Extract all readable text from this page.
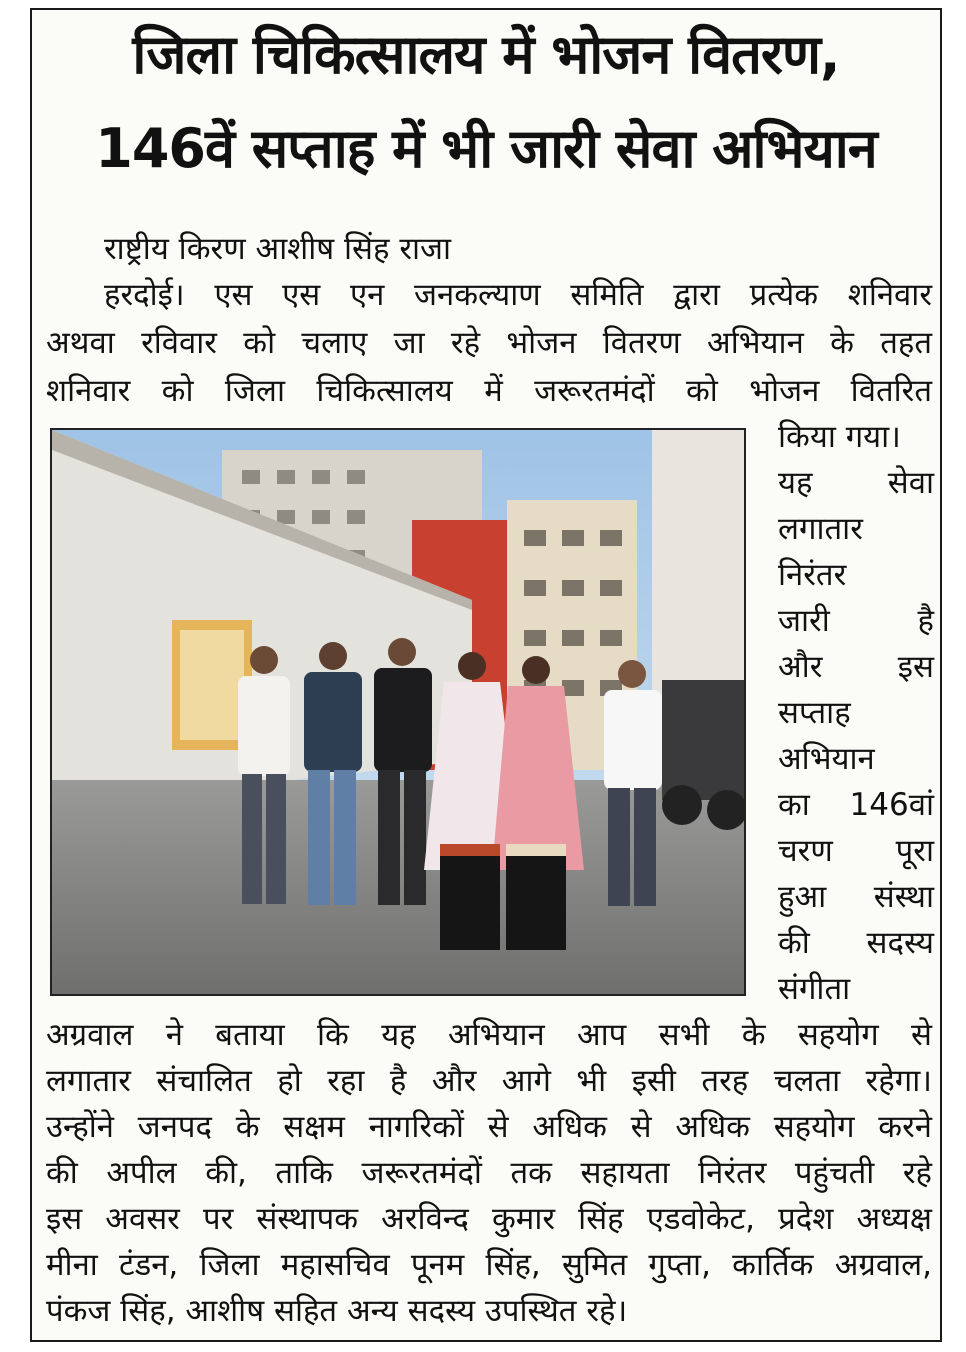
जिला चिकित्सालय में भोजन वितरण,
146वें सप्ताह में भी जारी सेवा अभियान
राष्ट्रीय किरण आशीष सिंह राजा
हरदोई। एस एस एन जनकल्याण समिति द्वारा प्रत्येक शनिवार
अथवा रविवार को चलाए जा रहे भोजन वितरण अभियान के तहत
शनिवार को जिला चिकित्सालय में जरूरतमंदों को भोजन वितरित
किया गया।
यह सेवा
लगातार
निरंतर
जारी है
और इस
सप्ताह
अभियान
का 146वां
चरण पूरा
हुआ संस्था
की सदस्य
संगीता
अग्रवाल ने बताया कि यह अभियान आप सभी के सहयोग से
लगातार संचालित हो रहा है और आगे भी इसी तरह चलता रहेगा।
उन्होंने जनपद के सक्षम नागरिकों से अधिक से अधिक सहयोग करने
की अपील की, ताकि जरूरतमंदों तक सहायता निरंतर पहुंचती रहे
इस अवसर पर संस्थापक अरविन्द कुमार सिंह एडवोकेट, प्रदेश अध्यक्ष
मीना टंडन, जिला महासचिव पूनम सिंह, सुमित गुप्ता, कार्तिक अग्रवाल,
पंकज सिंह, आशीष सहित अन्य सदस्य उपस्थित रहे।
